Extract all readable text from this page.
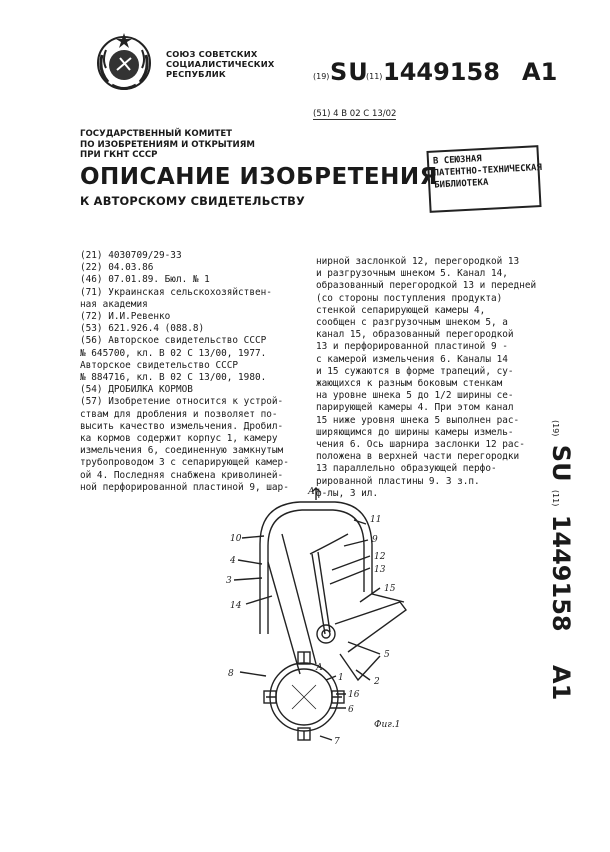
СОЮЗ СОВЕТСКИХ
СОЦИАЛИСТИЧЕСКИХ
РЕСПУБЛИК	(19) SU
(11) 1449158 A1
(51) 4 B 02 C 13/02
ГОСУДАРСТВЕННЫЙ КОМИТЕТ
ПО ИЗОБРЕТЕНИЯМ И ОТКРЫТИЯМ
ПРИ ГКНТ СССР
ОПИСАНИЕ ИЗОБРЕТЕНИЯ
К АВТОРСКОМУ СВИДЕТЕЛЬСТВУ
В СЕЮЗНАЯ
ПАТЕНТНО-ТЕХНИЧЕСКАЯ
БИБЛИОТЕКА
(21) 4030709/29-33
(22) 04.03.86
(46) 07.01.89. Бюл. № 1
(71) Украинская сельскохозяйствен-
ная академия
(72) И.И.Ревенко
(53) 621.926.4 (088.8)
(56) Авторское свидетельство СССР
№ 645700, кл. B 02 C 13/00, 1977.
Авторское свидетельство СССР
№ 884716, кл. B 02 C 13/00, 1980.
(54) ДРОБИЛКА КОРМОВ
(57) Изобретение относится к устрой-
ствам для дробления и позволяет по-
высить качество измельчения. Дробил-
ка кормов содержит корпус 1, камеру
измельчения 6, соединенную замкнутым
трубопроводом 3 с сепарирующей камер-
ой 4. Последняя снабжена криволиней-
ной перфорированной пластиной 9, шар-
нирной заслонкой 12, перегородкой 13
и разгрузочным шнеком 5. Канал 14,
образованный перегородкой 13 и передней
(со стороны поступления продукта)
стенкой сепарирующей камеры 4,
сообщен с разгрузочным шнеком 5, а
канал 15, образованный перегородкой
13 и перфорированной пластиной 9 -
с камерой измельчения 6. Каналы 14
и 15 сужаются в форме трапеций, су-
жающихся к разным боковым стенкам
на уровне шнека 5 до 1/2 ширины се-
парирующей камеры 4. При этом канал
15 ниже уровня шнека 5 выполнен рас-
ширяющимся до ширины камеры измель-
чения 6. Ось шарнира заслонки 12 рас-
положена в верхней части перегородки
13 параллельно образующей перфо-
рированной пластины 9. 3 з.п.
ф-лы, 3 ил.
(19) SU (11) 1449158    A1
10
4
3
14
11
9
12
13
15
5
2
8	1
16
6
7
А
А
Фиг.1
